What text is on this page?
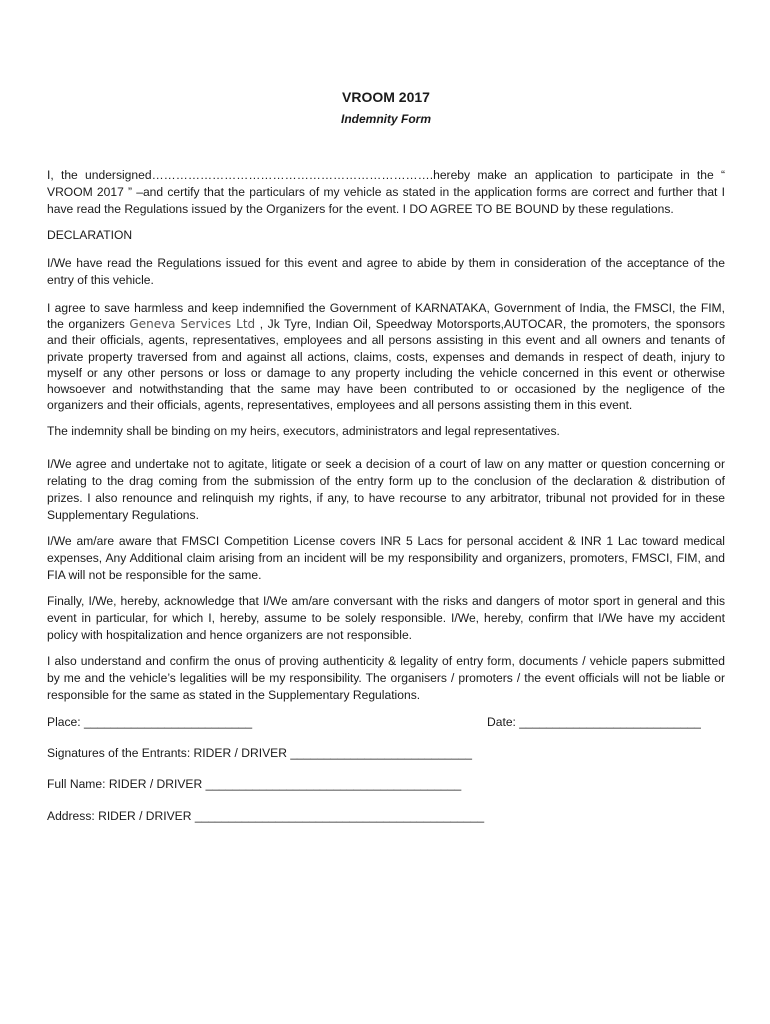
VROOM 2017
Indemnity Form

I, the undersigned…………………………………………………………….hereby make an application to participate in the “ VROOM 2017 ” –and certify that the particulars of my vehicle as stated in the application forms are correct and further that I have read the Regulations issued by the Organizers for the event. I DO AGREE TO BE BOUND by these regulations.

DECLARATION

I/We have read the Regulations issued for this event and agree to abide by them in consideration of the acceptance of the entry of this vehicle.

I agree to save harmless and keep indemnified the Government of KARNATAKA, Government of India, the FMSCI, the FIM, the organizers Geneva Services Ltd , Jk Tyre, Indian Oil, Speedway Motorsports,AUTOCAR, the promoters, the sponsors and their officials, agents, representatives, employees and all persons assisting in this event and all owners and tenants of private property traversed from and against all actions, claims, costs, expenses and demands in respect of death, injury to myself or any other persons or loss or damage to any property including the vehicle concerned in this event or otherwise howsoever and notwithstanding that the same may have been contributed to or occasioned by the negligence of the organizers and their officials, agents, representatives, employees and all persons assisting them in this event.

The indemnity shall be binding on my heirs, executors, administrators and legal representatives.

I/We agree and undertake not to agitate, litigate or seek a decision of a court of law on any matter or question concerning or relating to the drag coming from the submission of the entry form up to the conclusion of the declaration & distribution of prizes. I also renounce and relinquish my rights, if any, to have recourse to any arbitrator, tribunal not provided for in these Supplementary Regulations.

I/We am/are aware that FMSCI Competition License covers INR 5 Lacs for personal accident & INR 1 Lac toward medical expenses, Any Additional claim arising from an incident will be my responsibility and organizers, promoters, FMSCI, FIM, and FIA will not be responsible for the same.

Finally, I/We, hereby, acknowledge that I/We am/are conversant with the risks and dangers of motor sport in general and this event in particular, for which I, hereby, assume to be solely responsible. I/We, hereby, confirm that I/We have my accident policy with hospitalization and hence organizers are not responsible.

I also understand and confirm the onus of proving authenticity & legality of entry form, documents / vehicle papers submitted by me and the vehicle’s legalities will be my responsibility. The organisers / promoters / the event officials will not be liable or responsible for the same as stated in the Supplementary Regulations.

Place: _________________________	Date: ___________________________
Signatures of the Entrants: RIDER / DRIVER ___________________________
Full Name: RIDER / DRIVER ______________________________________
Address: RIDER / DRIVER ___________________________________________
